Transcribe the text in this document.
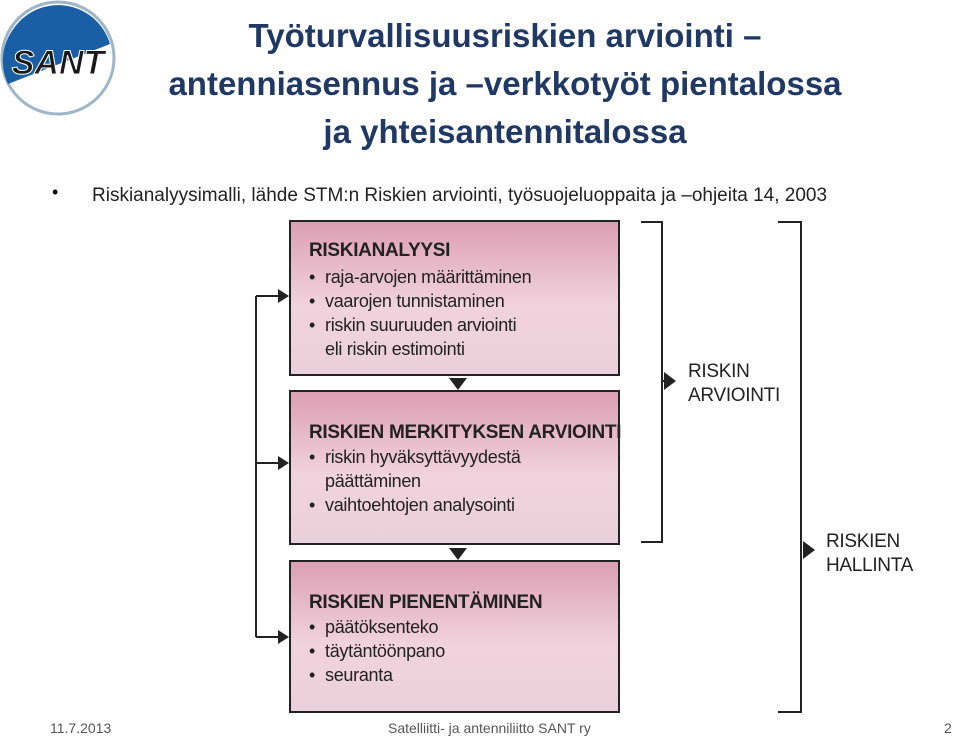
SANT
Työturvallisuusriskien arviointi –
antenniasennus ja –verkkotyöt pientalossa
ja yhteisantennitalossa
• Riskianalyysimalli, lähde STM:n Riskien arviointi, työsuojeluoppaita ja –ohjeita 14, 2003
RISKIANALYYSI
• raja-arvojen määrittäminen
• vaarojen tunnistaminen
• riskin suuruuden arviointi
eli riskin estimointi
RISKIEN MERKITYKSEN ARVIOINTI
• riskin hyväksyttävyydestä
päättäminen
• vaihtoehtojen analysointi
RISKIEN PIENENTÄMINEN
• päätöksenteko
• täytäntöönpano
• seuranta
RISKIN
ARVIOINTI
RISKIEN
HALLINTA
11.7.2013	Satelliitti- ja antenniliitto SANT ry	2
